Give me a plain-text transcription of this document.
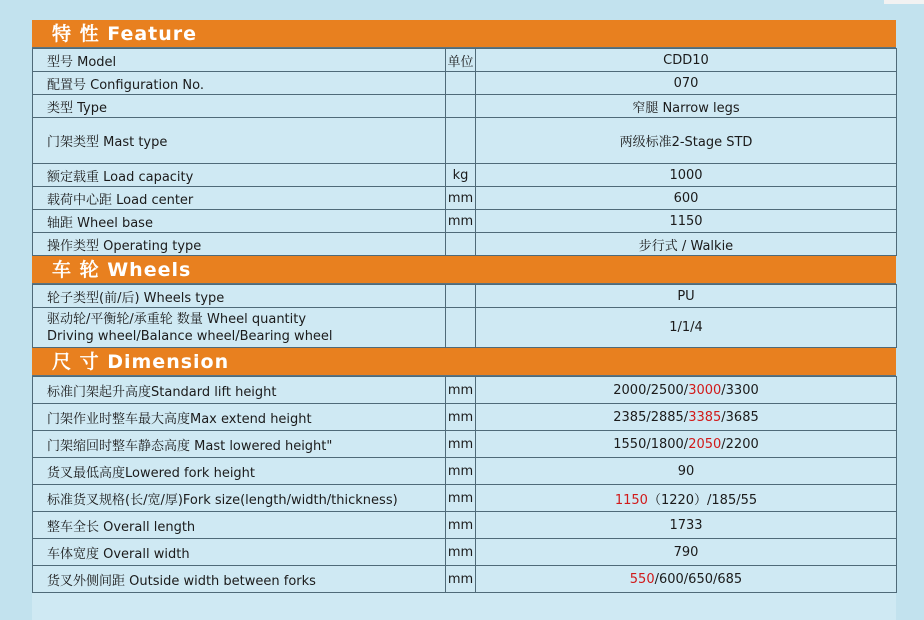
特 性 Feature
型号 Model	单位	CDD10
配置号 Configuration No.		070
类型 Type		窄腿 Narrow legs
门架类型 Mast type		两级标准2-Stage STD
额定载重 Load capacity	kg	1000
载荷中心距 Load center	mm	600
轴距 Wheel base	mm	1150
操作类型 Operating type		步行式 / Walkie
车 轮 Wheels
轮子类型(前/后) Wheels type		PU

驱动轮/平衡轮/承重轮 数量 Wheel quantity
Driving wheel/Balance wheel/Bearing wheel		1/1/4
尺 寸 Dimension
标准门架起升高度Standard lift height	mm	2000/2500/3000/3300
门架作业时整车最大高度Max extend height	mm	2385/2885/3385/3685
门架缩回时整车静态高度 Mast lowered height"	mm	1550/1800/2050/2200
货叉最低高度Lowered fork height	mm	90
标准货叉规格(长/宽/厚)Fork size(length/width/thickness)	mm	1150（1220）/185/55
整车全长 Overall length	mm	1733
车体宽度 Overall width	mm	790
货叉外侧间距 Outside width between forks	mm	550/600/650/685
